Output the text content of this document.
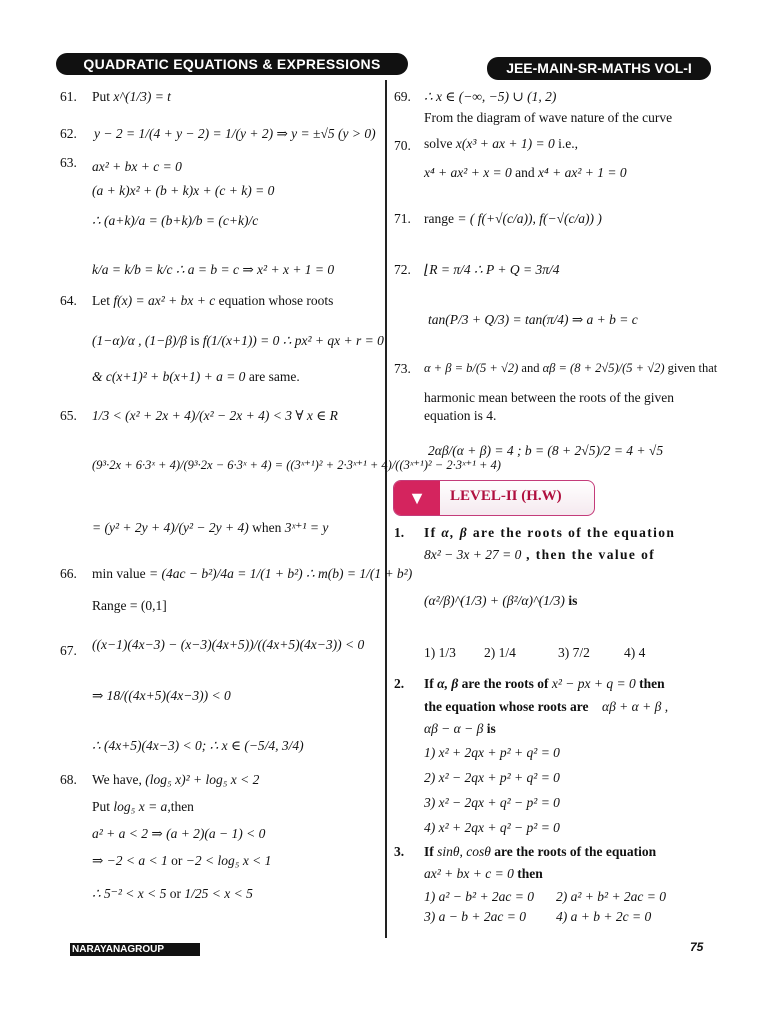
QUADRATIC EQUATIONS & EXPRESSIONS	JEE-MAIN-SR-MATHS VOL-I
61. Put x^(1/3) = t
62. y − 2 = 1/(4 + y − 2) = 1/(y + 2) ⇒ y = ±√5 (y > 0)
63. ax² + bx + c = 0
(a + k)x² + (b + k)x + (c + k) = 0
∴ (a+k)/a = (b+k)/b = (c+k)/c
k/a = k/b = k/c ∴ a = b = c ⇒ x² + x + 1 = 0
64. Let f(x) = ax² + bx + c equation whose roots
(1−α)/α , (1−β)/β is f(1/(x+1)) = 0 ∴ px² + qx + r = 0
& c(x+1)² + b(x+1) + a = 0 are same.
65. 1/3 < (x² + 2x + 4)/(x² − 2x + 4) < 3 ∀ x ∈ R
(9³·2x + 6·3ˣ + 4)/(9³·2x − 6·3ˣ + 4) = ((3ˣ⁺¹)² + 2·3ˣ⁺¹ + 4)/((3ˣ⁺¹)² − 2·3ˣ⁺¹ + 4)
= (y² + 2y + 4)/(y² − 2y + 4) when 3ˣ⁺¹ = y
66. min value = (4ac − b²)/4a = 1/(1 + b²) ∴ m(b) = 1/(1 + b²)
Range = (0,1]
67. ((x−1)(4x−3) − (x−3)(4x+5))/((4x+5)(4x−3)) < 0
⇒ 18/((4x+5)(4x−3)) < 0
∴ (4x+5)(4x−3) < 0; ∴ x ∈ (−5/4, 3/4)
68. We have, (log₅ x)² + log₅ x < 2
Put log₅ x = a,then
a² + a < 2 ⇒ (a + 2)(a − 1) < 0
⇒ −2 < a < 1 or −2 < log₅ x < 1
∴ 5⁻² < x < 5 or 1/25 < x < 5
69. ∴ x ∈ (−∞, −5) ∪ (1, 2)
From the diagram of wave nature of the curve
70. solve x(x³ + ax + 1) = 0 i.e.,
x⁴ + ax² + x = 0 and x⁴ + ax² + 1 = 0
71. range = ( f(+√(c/a)), f(−√(c/a)) )
72. ⌊R = π/4 ∴ P + Q = 3π/4
tan(P/3 + Q/3) = tan(π/4) ⇒ a + b = c
73. α + β = b/(5 + √2) and αβ = (8 + 2√5)/(5 + √2) given that
harmonic mean between the roots of the given
equation is 4.
2αβ/(α + β) = 4 ; b = (8 + 2√5)/2 = 4 + √5
▼	LEVEL-II (H.W)
1. If α, β are the roots of the equation
8x² − 3x + 27 = 0 , then the value of
(α²/β)^(1/3) + (β²/α)^(1/3) is
1) 1/3 2) 1/4	3) 7/2	4) 4
2. If α, β are the roots of x² − px + q = 0 then
the equation whose roots are αβ + α + β ,
αβ − α − β is
1) x² + 2qx + p² + q² = 0
2) x² − 2qx + p² + q² = 0
3) x² − 2qx + q² − p² = 0
4) x² + 2qx + q² − p² = 0
3. If sinθ, cosθ are the roots of the equation
ax² + bx + c = 0 then
1) a² − b² + 2ac = 0 2) a² + b² + 2ac = 0
3) a − b + 2ac = 0 4) a + b + 2c = 0
NARAYANAGROUP	75
